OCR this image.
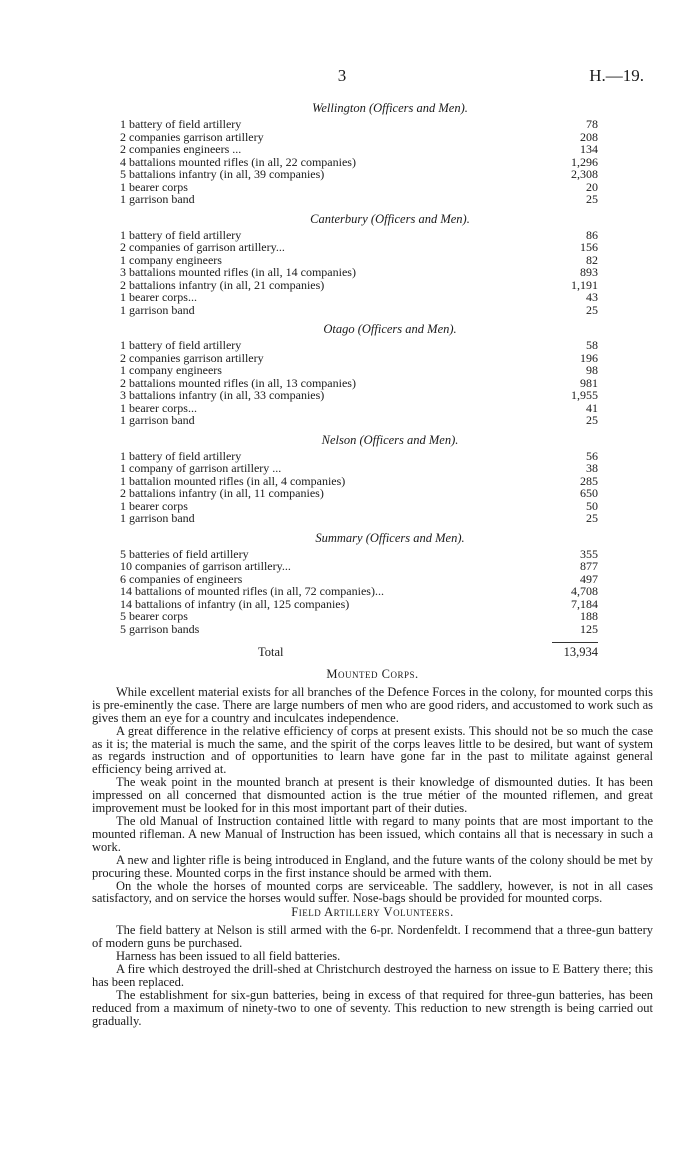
3	H.—19.
Wellington (Officers and Men).
1 battery of field artillery	78
2 companies garrison artillery	208
2 companies engineers ...	134
4 battalions mounted rifles (in all, 22 companies)	1,296
5 battalions infantry (in all, 39 companies)	2,308
1 bearer corps	20
1 garrison band	25
Canterbury (Officers and Men).
1 battery of field artillery	86
2 companies of garrison artillery...	156
1 company engineers	82
3 battalions mounted rifles (in all, 14 companies)	893
2 battalions infantry (in all, 21 companies)	1,191
1 bearer corps...	43
1 garrison band	25
Otago (Officers and Men).
1 battery of field artillery	58
2 companies garrison artillery	196
1 company engineers	98
2 battalions mounted rifles (in all, 13 companies)	981
3 battalions infantry (in all, 33 companies)	1,955
1 bearer corps...	41
1 garrison band	25
Nelson (Officers and Men).
1 battery of field artillery	56
1 company of garrison artillery ...	38
1 battalion mounted rifles (in all, 4 companies)	285
2 battalions infantry (in all, 11 companies)	650
1 bearer corps	50
1 garrison band	25
Summary (Officers and Men).
5 batteries of field artillery	355
10 companies of garrison artillery...	877
6 companies of engineers	497
14 battalions of mounted rifles (in all, 72 companies)...	4,708
14 battalions of infantry (in all, 125 companies)	7,184
5 bearer corps	188
5 garrison bands	125
Total	13,934
Mounted Corps.

While excellent material exists for all branches of the Defence Forces in the colony, for mounted corps this is pre-eminently the case. There are large numbers of men who are good riders, and accustomed to work such as gives them an eye for a country and inculcates independence.

A great difference in the relative efficiency of corps at present exists. This should not be so much the case as it is; the material is much the same, and the spirit of the corps leaves little to be desired, but want of system as regards instruction and of opportunities to learn have gone far in the past to militate against general efficiency being arrived at.

The weak point in the mounted branch at present is their knowledge of dismounted duties. It has been impressed on all concerned that dismounted action is the true métier of the mounted riflemen, and great improvement must be looked for in this most important part of their duties.

The old Manual of Instruction contained little with regard to many points that are most important to the mounted rifleman. A new Manual of Instruction has been issued, which contains all that is necessary in such a work.

A new and lighter rifle is being introduced in England, and the future wants of the colony should be met by procuring these. Mounted corps in the first instance should be armed with them.

On the whole the horses of mounted corps are serviceable. The saddlery, however, is not in all cases satisfactory, and on service the horses would suffer. Nose-bags should be provided for mounted corps.

Field Artillery Volunteers.

The field battery at Nelson is still armed with the 6-pr. Nordenfeldt. I recommend that a three-gun battery of modern guns be purchased.

Harness has been issued to all field batteries.

A fire which destroyed the drill-shed at Christchurch destroyed the harness on issue to E Battery there; this has been replaced.

The establishment for six-gun batteries, being in excess of that required for three-gun batteries, has been reduced from a maximum of ninety-two to one of seventy. This reduction to new strength is being carried out gradually.
